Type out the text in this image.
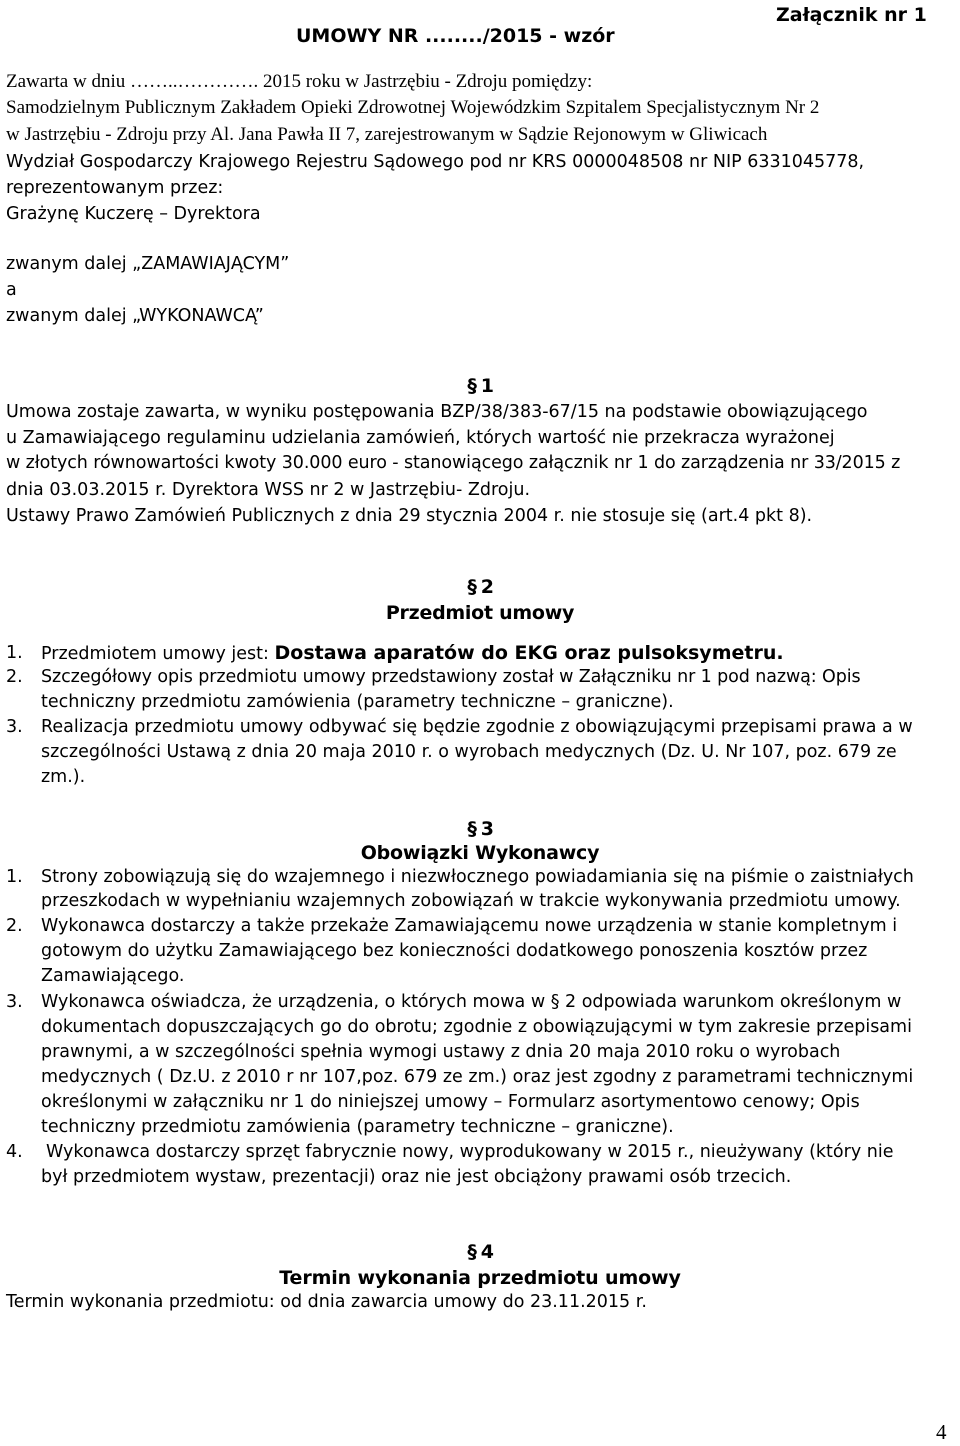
UMOWY NR ......../2015 - wzór
Załącznik nr 1
Zawarta w dniu ……..…………. 2015 roku w Jastrzębiu - Zdroju pomiędzy:
Samodzielnym Publicznym Zakładem Opieki Zdrowotnej Wojewódzkim Szpitalem Specjalistycznym Nr 2
w Jastrzębiu - Zdroju przy Al. Jana Pawła II 7, zarejestrowanym w Sądzie Rejonowym w Gliwicach
Wydział Gospodarczy Krajowego Rejestru Sądowego pod nr KRS 0000048508 nr NIP 6331045778,
reprezentowanym przez:
Grażynę Kuczerę – Dyrektora
zwanym dalej „ZAMAWIAJĄCYM”
a
zwanym dalej „WYKONAWCĄ”
§ 1
Umowa zostaje zawarta, w wyniku postępowania BZP/38/383-67/15 na podstawie obowiązującego
u Zamawiającego regulaminu udzielania zamówień, których wartość nie przekracza wyrażonej
w złotych równowartości kwoty 30.000 euro - stanowiącego załącznik nr 1 do zarządzenia nr 33/2015 z
dnia 03.03.2015 r. Dyrektora WSS nr 2 w Jastrzębiu- Zdroju.
Ustawy Prawo Zamówień Publicznych z dnia 29 stycznia 2004 r. nie stosuje się (art.4 pkt 8).
§ 2
Przedmiot umowy
1. Przedmiotem umowy jest: Dostawa aparatów do EKG oraz pulsoksymetru.
2. Szczegółowy opis przedmiotu umowy przedstawiony został w Załączniku nr 1 pod nazwą: Opis
techniczny przedmiotu zamówienia (parametry techniczne – graniczne).
3. Realizacja przedmiotu umowy odbywać się będzie zgodnie z obowiązującymi przepisami prawa a w
szczególności Ustawą z dnia 20 maja 2010 r. o wyrobach medycznych (Dz. U. Nr 107, poz. 679 ze
zm.).
§ 3
Obowiązki Wykonawcy
1. Strony zobowiązują się do wzajemnego i niezwłocznego powiadamiania się na piśmie o zaistniałych
przeszkodach w wypełnianiu wzajemnych zobowiązań w trakcie wykonywania przedmiotu umowy.
2. Wykonawca dostarczy a także przekaże Zamawiającemu nowe urządzenia w stanie kompletnym i
gotowym do użytku Zamawiającego bez konieczności dodatkowego ponoszenia kosztów przez
Zamawiającego.
3. Wykonawca oświadcza, że urządzenia, o których mowa w § 2 odpowiada warunkom określonym w
dokumentach dopuszczających go do obrotu; zgodnie z obowiązującymi w tym zakresie przepisami
prawnymi, a w szczególności spełnia wymogi ustawy z dnia 20 maja 2010 roku o wyrobach
medycznych ( Dz.U. z 2010 r nr 107,poz. 679 ze zm.) oraz jest zgodny z parametrami technicznymi
określonymi w załączniku nr 1 do niniejszej umowy – Formularz asortymentowo cenowy; Opis
techniczny przedmiotu zamówienia (parametry techniczne – graniczne).
4. Wykonawca dostarczy sprzęt fabrycznie nowy, wyprodukowany w 2015 r., nieużywany (który nie
był przedmiotem wystaw, prezentacji) oraz nie jest obciążony prawami osób trzecich.
§ 4
Termin wykonania przedmiotu umowy
Termin wykonania przedmiotu: od dnia zawarcia umowy do 23.11.2015 r.
4
